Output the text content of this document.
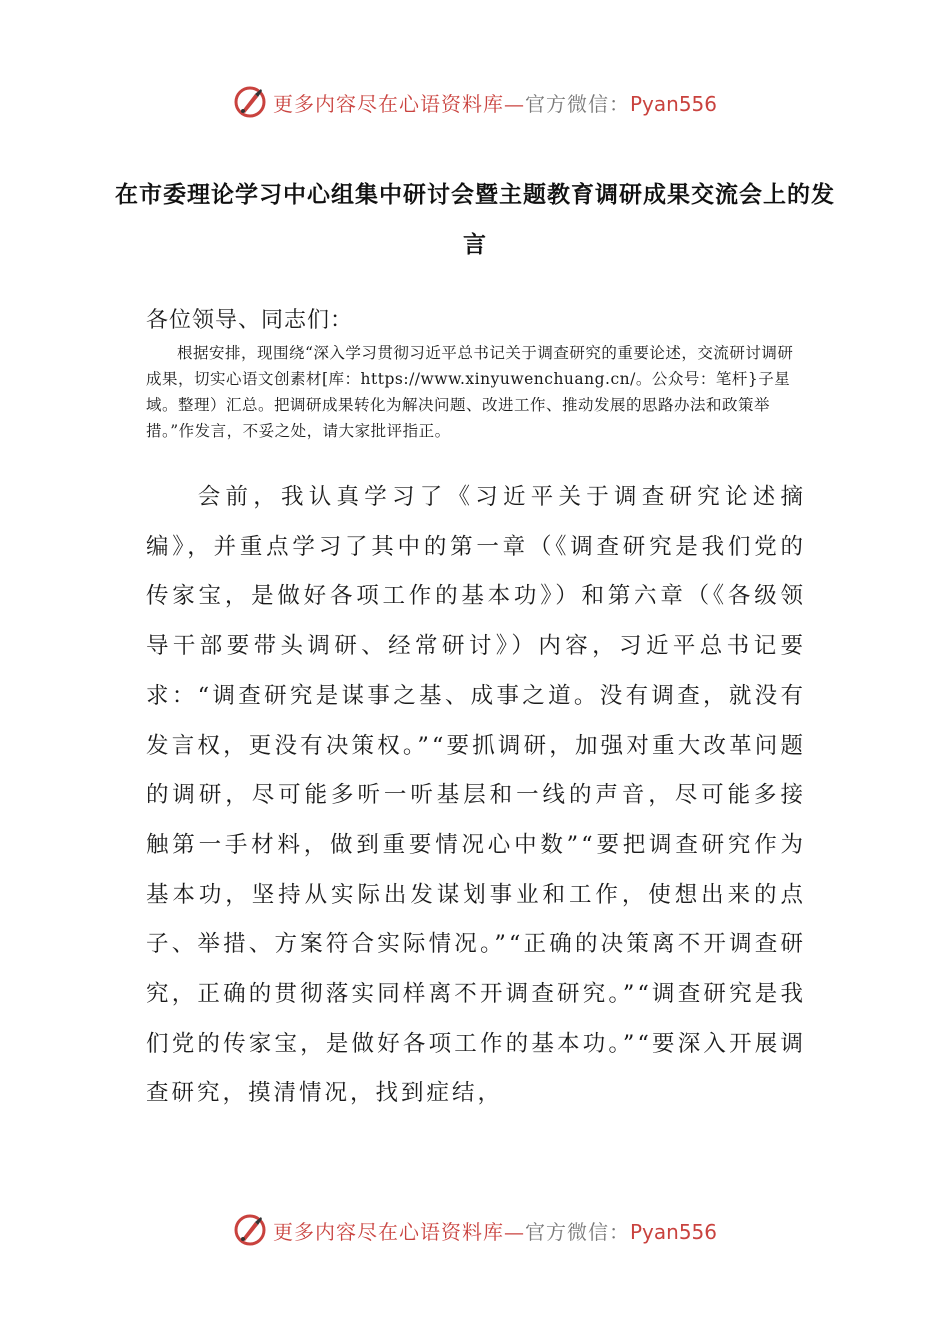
更多内容尽在心语资料库—官方微信：Pyan556
在市委理论学习中心组集中研讨会暨主题教育调研成果交流会上的发言
各位领导、同志们：
根据安排，现围绕“深入学习贯彻习近平总书记关于调查研究的重要论述，交流研讨调研成果，切实心语文创素材[库：https://www.xinyuwenchuang.cn/。公众号：笔杆}子星域。整理）汇总。把调研成果转化为解决问题、改进工作、推动发展的思路办法和政策举措。”作发言，不妥之处，请大家批评指正。
会前，我认真学习了《习近平关于调查研究论述摘编》，并重点学习了其中的第一章（《调查研究是我们党的传家宝，是做好各项工作的基本功》）和第六章（《各级领导干部要带头调研、经常研讨》）内容，习近平总书记要求：“调查研究是谋事之基、成事之道。没有调查，就没有发言权，更没有决策权。”“要抓调研，加强对重大改革问题的调研，尽可能多听一听基层和一线的声音，尽可能多接触第一手材料，做到重要情况心中数”“要把调查研究作为基本功，坚持从实际出发谋划事业和工作，使想出来的点子、举措、方案符合实际情况。”“正确的决策离不开调查研究，正确的贯彻落实同样离不开调查研究。”“调查研究是我们党的传家宝，是做好各项工作的基本功。”“要深入开展调查研究，摸清情况，找到症结，
更多内容尽在心语资料库—官方微信：Pyan556
